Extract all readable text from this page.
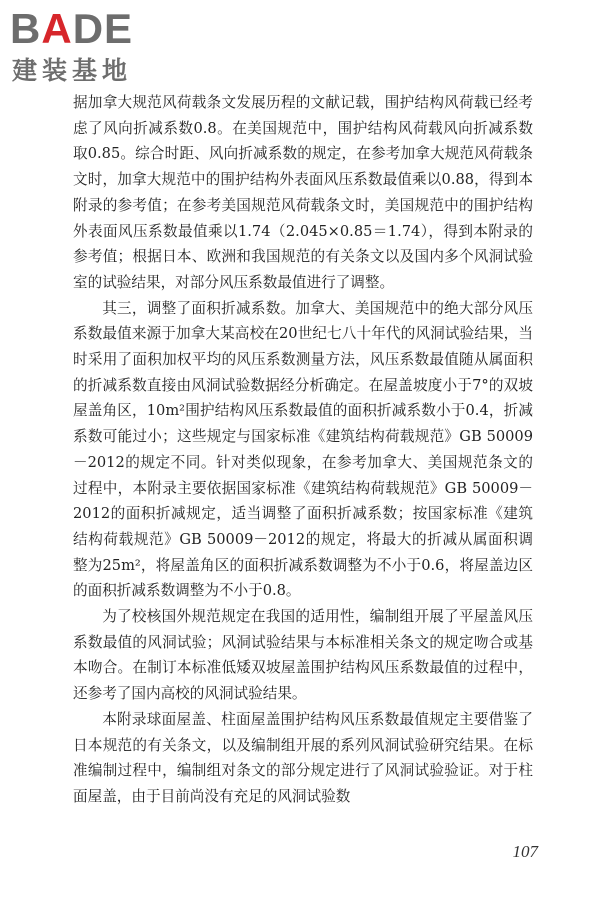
BADE
建装基地

据加拿大规范风荷载条文发展历程的文献记载，围护结构风荷载已经考虑了风向折减系数0.8。在美国规范中，围护结构风荷载风向折减系数取0.85。综合时距、风向折减系数的规定，在参考加拿大规范风荷载条文时，加拿大规范中的围护结构外表面风压系数最值乘以0.88，得到本附录的参考值；在参考美国规范风荷载条文时，美国规范中的围护结构外表面风压系数最值乘以1.74（2.045×0.85＝1.74），得到本附录的参考值；根据日本、欧洲和我国规范的有关条文以及国内多个风洞试验室的试验结果，对部分风压系数最值进行了调整。

其三，调整了面积折减系数。加拿大、美国规范中的绝大部分风压系数最值来源于加拿大某高校在20世纪七八十年代的风洞试验结果，当时采用了面积加权平均的风压系数测量方法，风压系数最值随从属面积的折减系数直接由风洞试验数据经分析确定。在屋盖坡度小于7°的双坡屋盖角区，10m²围护结构风压系数最值的面积折减系数小于0.4，折减系数可能过小；这些规定与国家标准《建筑结构荷载规范》GB 50009－2012的规定不同。针对类似现象，在参考加拿大、美国规范条文的过程中，本附录主要依据国家标准《建筑结构荷载规范》GB 50009－2012的面积折减规定，适当调整了面积折减系数；按国家标准《建筑结构荷载规范》GB 50009－2012的规定，将最大的折减从属面积调整为25m²，将屋盖角区的面积折减系数调整为不小于0.6，将屋盖边区的面积折减系数调整为不小于0.8。

为了校核国外规范规定在我国的适用性，编制组开展了平屋盖风压系数最值的风洞试验；风洞试验结果与本标准相关条文的规定吻合或基本吻合。在制订本标准低矮双坡屋盖围护结构风压系数最值的过程中，还参考了国内高校的风洞试验结果。

本附录球面屋盖、柱面屋盖围护结构风压系数最值规定主要借鉴了日本规范的有关条文，以及编制组开展的系列风洞试验研究结果。在标准编制过程中，编制组对条文的部分规定进行了风洞试验验证。对于柱面屋盖，由于目前尚没有充足的风洞试验数

107
